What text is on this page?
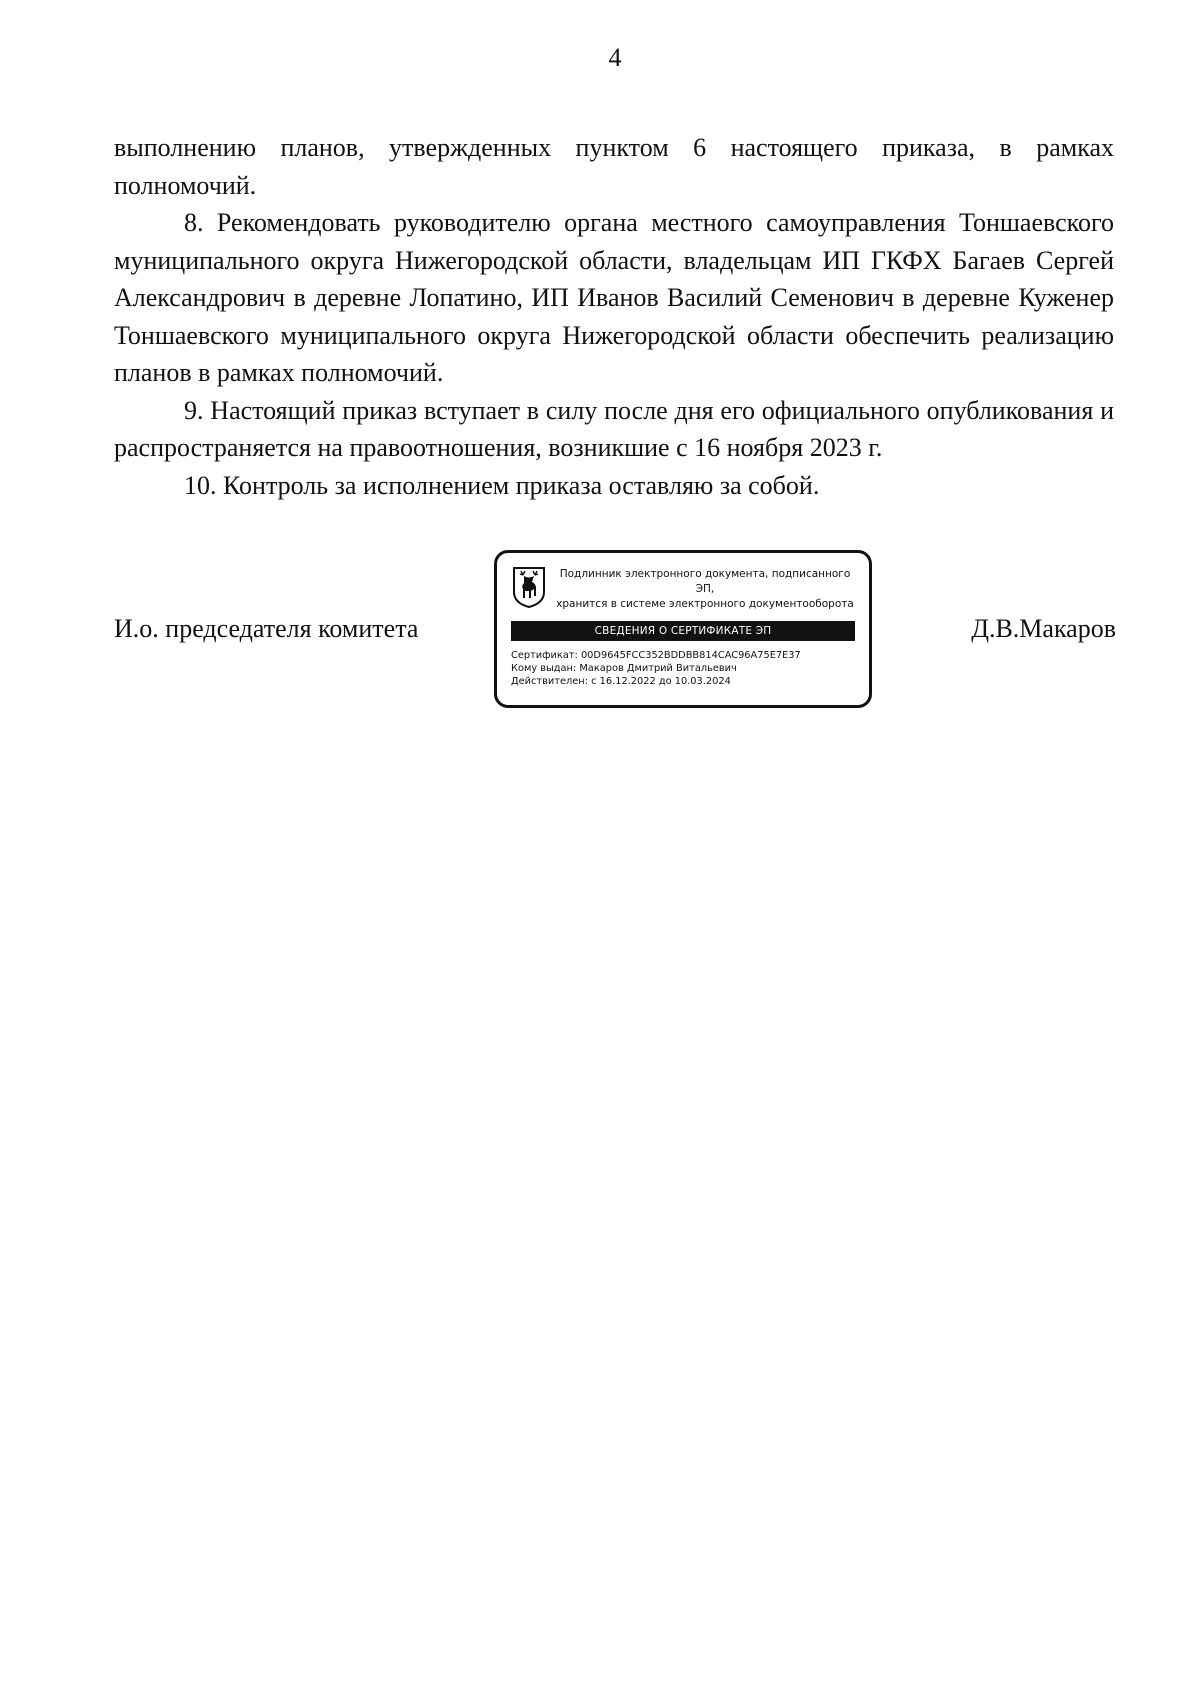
4

выполнению планов, утвержденных пунктом 6 настоящего приказа, в рамках полномочий.

8. Рекомендовать руководителю органа местного самоуправления Тоншаевского муниципального округа Нижегородской области, владельцам ИП ГКФХ Багаев Сергей Александрович в деревне Лопатино, ИП Иванов Василий Семенович в деревне Куженер Тоншаевского муниципального округа Нижегородской области обеспечить реализацию планов в рамках полномочий.

9. Настоящий приказ вступает в силу после дня его официального опубликования и распространяется на правоотношения, возникшие с 16 ноября 2023 г.

10. Контроль за исполнением приказа оставляю за собой.

И.о. председателя комитета	Д.В.Макаров
Подлинник электронного документа, подписанного ЭП,
хранится в системе электронного документооборота
СВЕДЕНИЯ О СЕРТИФИКАТЕ ЭП
Сертификат: 00D9645FCC352BDDBB814CAC96A75E7E37
Кому выдан: Макаров Дмитрий Витальевич
Действителен: с 16.12.2022 до 10.03.2024
